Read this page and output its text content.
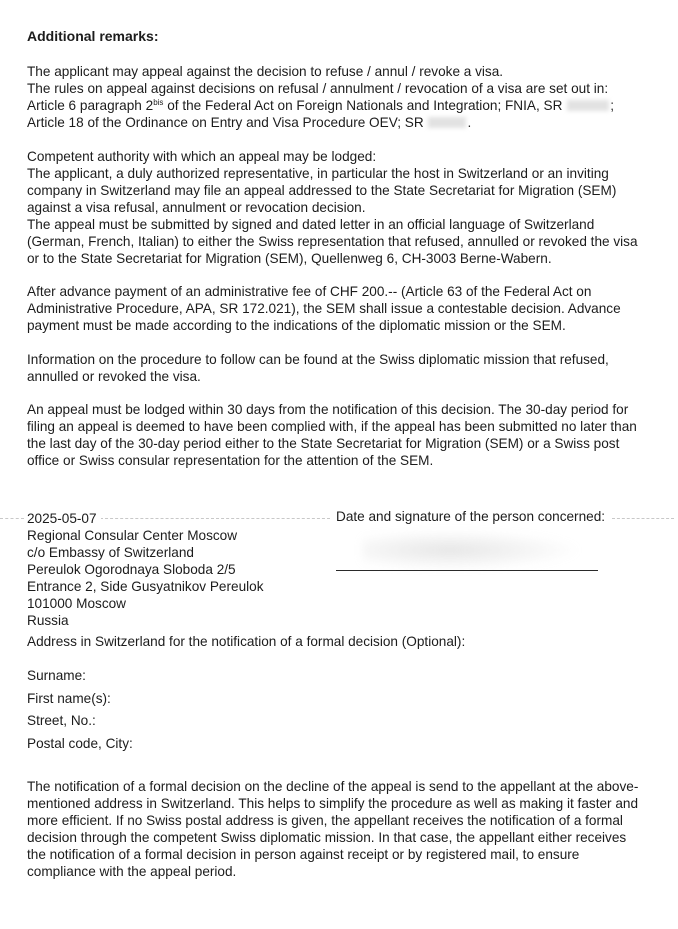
Additional remarks:
The applicant may appeal against the decision to refuse / annul / revoke a visa.
The rules on appeal against decisions on refusal / annulment / revocation of a visa are set out in:
Article 6 paragraph $2^{bis}$ of the Federal Act on Foreign Nationals and Integration; FNIA, SR	;
Article 18 of the Ordinance on Entry and Visa Procedure OEV; SR	.
Competent authority with which an appeal may be lodged:
The applicant, a duly authorized representative, in particular the host in Switzerland or an inviting
company in Switzerland may file an appeal addressed to the State Secretariat for Migration (SEM)
against a visa refusal, annulment or revocation decision.
The appeal must be submitted by signed and dated letter in an official language of Switzerland
(German, French, Italian) to either the Swiss representation that refused, annulled or revoked the visa
or to the State Secretariat for Migration (SEM), Quellenweg 6, CH-3003 Berne-Wabern.
After advance payment of an administrative fee of CHF 200.-- (Article 63 of the Federal Act on
Administrative Procedure, APA, SR 172.021), the SEM shall issue a contestable decision. Advance
payment must be made according to the indications of the diplomatic mission or the SEM.
Information on the procedure to follow can be found at the Swiss diplomatic mission that refused,
annulled or revoked the visa.
An appeal must be lodged within 30 days from the notification of this decision. The 30-day period for
filing an appeal is deemed to have been complied with, if the appeal has been submitted no later than
the last day of the 30-day period either to the State Secretariat for Migration (SEM) or a Swiss post
office or Swiss consular representation for the attention of the SEM.
2025-05-07
Regional Consular Center Moscow
c/o Embassy of Switzerland
Pereulok Ogorodnaya Sloboda 2/5
Entrance 2, Side Gusyatnikov Pereulok
101000 Moscow
Russia
Date and signature of the person concerned:
Address in Switzerland for the notification of a formal decision (Optional):
Surname:
First name(s):
Street, No.:
Postal code, City:
The notification of a formal decision on the decline of the appeal is send to the appellant at the above-
mentioned address in Switzerland. This helps to simplify the procedure as well as making it faster and
more efficient. If no Swiss postal address is given, the appellant receives the notification of a formal
decision through the competent Swiss diplomatic mission. In that case, the appellant either receives
the notification of a formal decision in person against receipt or by registered mail, to ensure
compliance with the appeal period.
